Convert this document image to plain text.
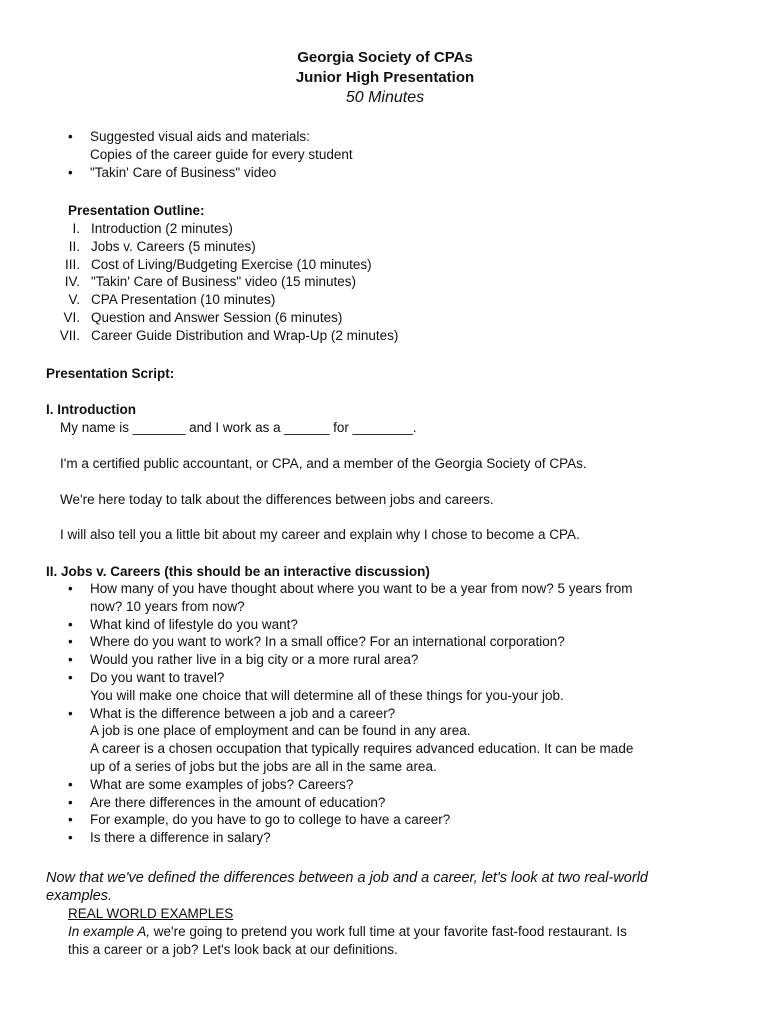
Georgia Society of CPAs
Junior High Presentation
50 Minutes
• Suggested visual aids and materials:
Copies of the career guide for every student
• "Takin' Care of Business" video
Presentation Outline:
I. Introduction (2 minutes)
II. Jobs v. Careers (5 minutes)
III. Cost of Living/Budgeting Exercise (10 minutes)
IV. "Takin' Care of Business" video (15 minutes)
V. CPA Presentation (10 minutes)
VI. Question and Answer Session (6 minutes)
VII. Career Guide Distribution and Wrap-Up (2 minutes)
Presentation Script:
I. Introduction

My name is _______ and I work as a ______ for ________.

I'm a certified public accountant, or CPA, and a member of the Georgia Society of CPAs.

We're here today to talk about the differences between jobs and careers.

I will also tell you a little bit about my career and explain why I chose to become a CPA.

II. Jobs v. Careers (this should be an interactive discussion)
• How many of you have thought about where you want to be a year from now? 5 years from
now? 10 years from now?
• What kind of lifestyle do you want?
• Where do you want to work? In a small office? For an international corporation?
• Would you rather live in a big city or a more rural area?
• Do you want to travel?
You will make one choice that will determine all of these things for you-your job.
• What is the difference between a job and a career?
A job is one place of employment and can be found in any area.
A career is a chosen occupation that typically requires advanced education. It can be made
up of a series of jobs but the jobs are all in the same area.
• What are some examples of jobs? Careers?
• Are there differences in the amount of education?
• For example, do you have to go to college to have a career?
• Is there a difference in salary?
Now that we've defined the differences between a job and a career, let's look at two real-world
examples.
REAL WORLD EXAMPLES
In example A, we're going to pretend you work full time at your favorite fast-food restaurant. Is
this a career or a job? Let's look back at our definitions.
